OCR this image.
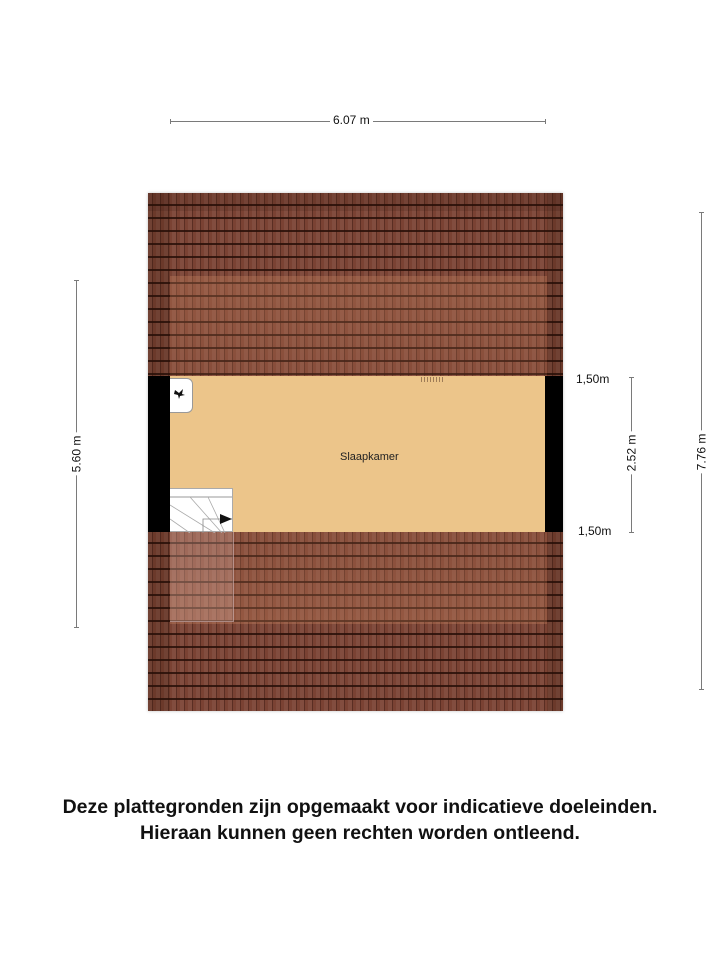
6.07 m
5.60 m	7.76 m
2.52 m
1,50m
1,50m
Slaapkamer
Deze plattegronden zijn opgemaakt voor indicatieve doeleinden.
Hieraan kunnen geen rechten worden ontleend.
